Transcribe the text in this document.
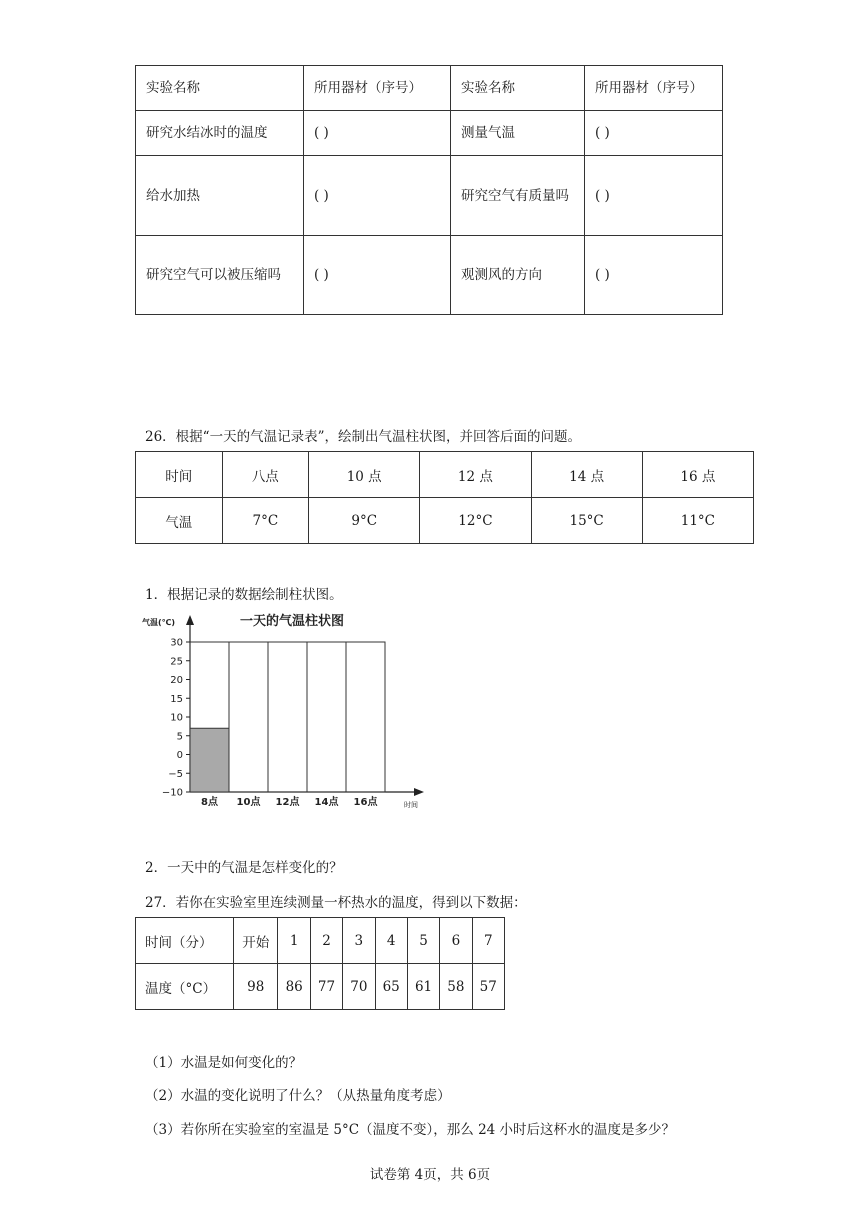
实验名称	所用器材（序号）	实验名称	所用器材（序号）
研究水结冰时的温度	( )	测量气温	( )
给水加热	( )	研究空气有质量吗	( )
研究空气可以被压缩吗	( )	观测风的方向	( )
26．根据“一天的气温记录表”，绘制出气温柱状图，并回答后面的问题。
时间	八点	10 点	12 点	14 点	16 点
气温	7°C	9°C	12°C	15°C	11°C
1．根据记录的数据绘制柱状图。
一天的气温柱状图
气温(℃)
时间
30
25
20
15
10
5
0
−5
−10
8点 10点 12点 14点 16点
2．一天中的气温是怎样变化的？
27．若你在实验室里连续测量一杯热水的温度，得到以下数据：
时间（分）	开始	1	2	3	4	5	6	7
温度（°C）	98	86	77	70	65	61	58	57
（1）水温是如何变化的？
（2）水温的变化说明了什么？（从热量角度考虑）
（3）若你所在实验室的室温是 5°C（温度不变），那么 24 小时后这杯水的温度是多少？
试卷第 4页，共 6页
